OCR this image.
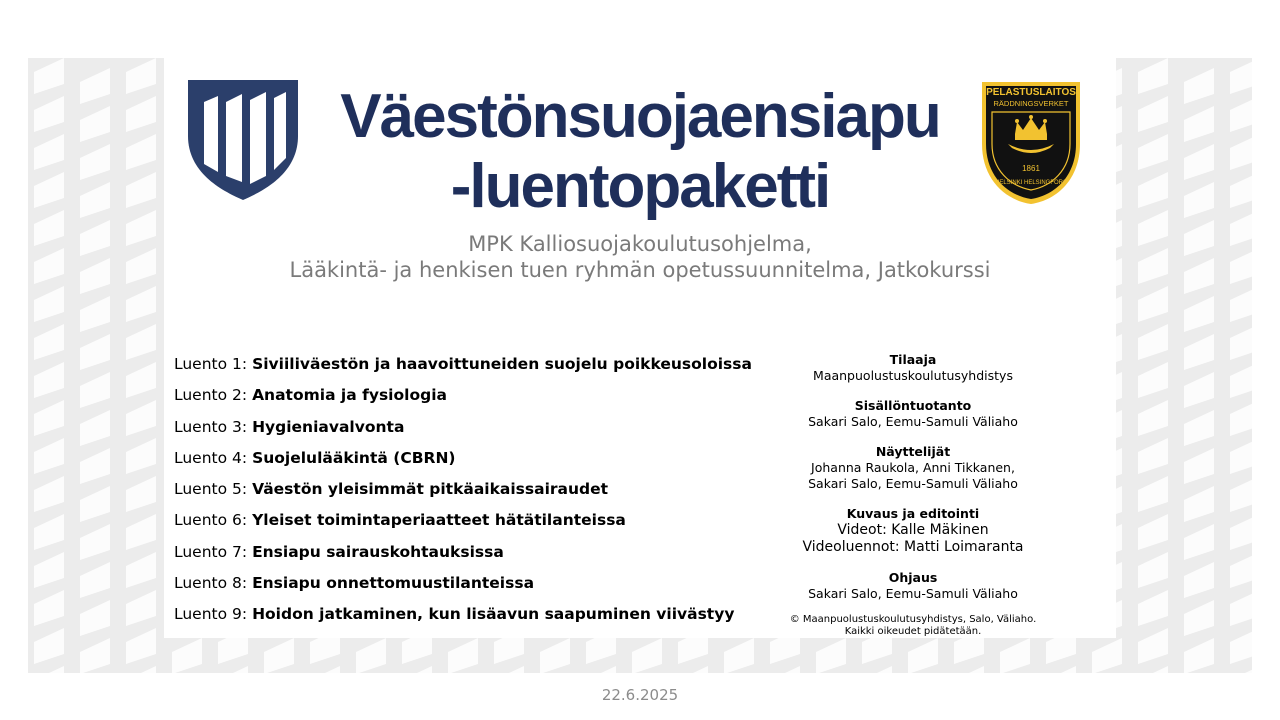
PELASTUSLAITOS
RÄDDNINGSVERKET
1861
HELSINKI HELSINGFORS
Väestönsuojaensiapu
-luentopaketti
MPK Kalliosuojakoulutusohjelma,
Lääkintä- ja henkisen tuen ryhmän opetussuunnitelma, Jatkokurssi
Luento 1: Siviiliväestön ja haavoittuneiden suojelu poikkeusoloissa
Luento 2: Anatomia ja fysiologia
Luento 3: Hygieniavalvonta
Luento 4: Suojelulääkintä (CBRN)
Luento 5: Väestön yleisimmät pitkäaikaissairaudet
Luento 6: Yleiset toimintaperiaatteet hätätilanteissa
Luento 7: Ensiapu sairauskohtauksissa
Luento 8: Ensiapu onnettomuustilanteissa
Luento 9: Hoidon jatkaminen, kun lisäavun saapuminen viivästyy
Tilaaja
Maanpuolustuskoulutusyhdistys
Sisällöntuotanto
Sakari Salo, Eemu-Samuli Väliaho
Näyttelijät
Johanna Raukola, Anni Tikkanen,
Sakari Salo, Eemu-Samuli Väliaho
Kuvaus ja editointi
Videot: Kalle Mäkinen
Videoluennot: Matti Loimaranta
Ohjaus
Sakari Salo, Eemu-Samuli Väliaho
© Maanpuolustuskoulutusyhdistys, Salo, Väliaho.
Kaikki oikeudet pidätetään.
22.6.2025
